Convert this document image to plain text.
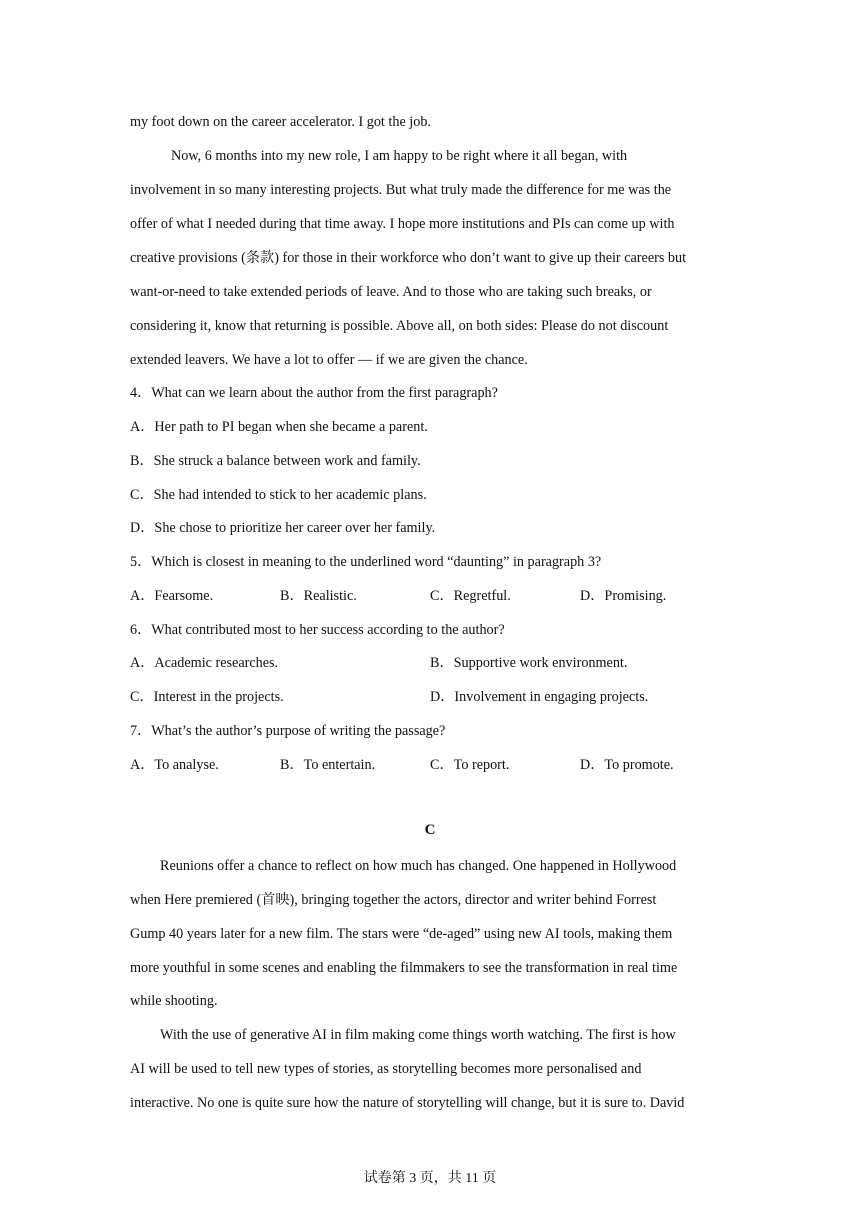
my foot down on the career accelerator. I got the job.
Now, 6 months into my new role, I am happy to be right where it all began, with
involvement in so many interesting projects. But what truly made the difference for me was the
offer of what I needed during that time away. I hope more institutions and PIs can come up with
creative provisions (条款) for those in their workforce who don’t want to give up their careers but
want-or-need to take extended periods of leave. And to those who are taking such breaks, or
considering it, know that returning is possible. Above all, on both sides: Please do not discount
extended leavers. We have a lot to offer — if we are given the chance.
4．What can we learn about the author from the first paragraph?
A．Her path to PI began when she became a parent.
B．She struck a balance between work and family.
C．She had intended to stick to her academic plans.
D．She chose to prioritize her career over her family.
5．Which is closest in meaning to the underlined word “daunting” in paragraph 3?
A．Fearsome.	B．Realistic.	C．Regretful.	D．Promising.
6．What contributed most to her success according to the author?
A．Academic researches.	B．Supportive work environment.
C．Interest in the projects.	D．Involvement in engaging projects.
7．What’s the author’s purpose of writing the passage?
A．To analyse.	B．To entertain.	C．To report.	D．To promote.
C
Reunions offer a chance to reflect on how much has changed. One happened in Hollywood
when Here premiered (首映), bringing together the actors, director and writer behind Forrest
Gump 40 years later for a new film. The stars were “de-aged” using new AI tools, making them
more youthful in some scenes and enabling the filmmakers to see the transformation in real time
while shooting.
With the use of generative AI in film making come things worth watching. The first is how
AI will be used to tell new types of stories, as storytelling becomes more personalised and
interactive. No one is quite sure how the nature of storytelling will change, but it is sure to. David
试卷第 3 页，共 11 页
